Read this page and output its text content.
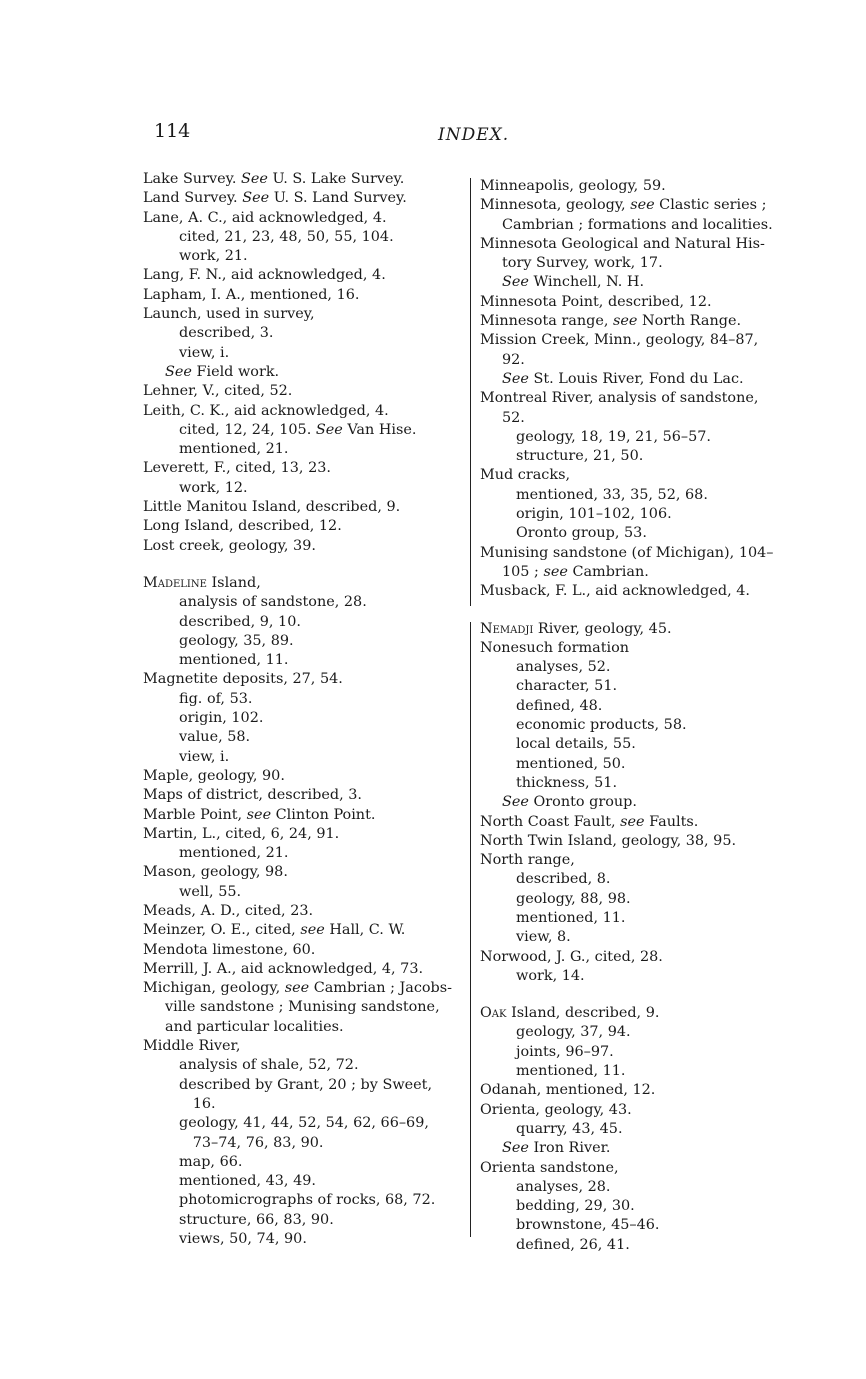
114	INDEX.
Lake Survey. See U. S. Lake Survey.
Land Survey. See U. S. Land Survey.
Lane, A. C., aid acknowledged, 4.
cited, 21, 23, 48, 50, 55, 104.
work, 21.
Lang, F. N., aid acknowledged, 4.
Lapham, I. A., mentioned, 16.
Launch, used in survey,
described, 3.
view, i.
See Field work.
Lehner, V., cited, 52.
Leith, C. K., aid acknowledged, 4.
cited, 12, 24, 105. See Van Hise.
mentioned, 21.
Leverett, F., cited, 13, 23.
work, 12.
Little Manitou Island, described, 9.
Long Island, described, 12.
Lost creek, geology, 39.
Madeline Island,
analysis of sandstone, 28.
described, 9, 10.
geology, 35, 89.
mentioned, 11.
Magnetite deposits, 27, 54.
fig. of, 53.
origin, 102.
value, 58.
view, i.
Maple, geology, 90.
Maps of district, described, 3.
Marble Point, see Clinton Point.
Martin, L., cited, 6, 24, 91.
mentioned, 21.
Mason, geology, 98.
well, 55.
Meads, A. D., cited, 23.
Meinzer, O. E., cited, see Hall, C. W.
Mendota limestone, 60.
Merrill, J. A., aid acknowledged, 4, 73.
Michigan, geology, see Cambrian ; Jacobs-
ville sandstone ; Munising sandstone,
and particular localities.
Middle River,
analysis of shale, 52, 72.
described by Grant, 20 ; by Sweet,
16.
geology, 41, 44, 52, 54, 62, 66–69,
73–74, 76, 83, 90.
map, 66.
mentioned, 43, 49.
photomicrographs of rocks, 68, 72.
structure, 66, 83, 90.
views, 50, 74, 90.
Minneapolis, geology, 59.
Minnesota, geology, see Clastic series ;
Cambrian ; formations and localities.
Minnesota Geological and Natural His-
tory Survey, work, 17.
See Winchell, N. H.
Minnesota Point, described, 12.
Minnesota range, see North Range.
Mission Creek, Minn., geology, 84–87,
92.
See St. Louis River, Fond du Lac.
Montreal River, analysis of sandstone,
52.
geology, 18, 19, 21, 56–57.
structure, 21, 50.
Mud cracks,
mentioned, 33, 35, 52, 68.
origin, 101–102, 106.
Oronto group, 53.
Munising sandstone (of Michigan), 104–
105 ; see Cambrian.
Musback, F. L., aid acknowledged, 4.
Nemadji River, geology, 45.
Nonesuch formation
analyses, 52.
character, 51.
defined, 48.
economic products, 58.
local details, 55.
mentioned, 50.
thickness, 51.
See Oronto group.
North Coast Fault, see Faults.
North Twin Island, geology, 38, 95.
North range,
described, 8.
geology, 88, 98.
mentioned, 11.
view, 8.
Norwood, J. G., cited, 28.
work, 14.
Oak Island, described, 9.
geology, 37, 94.
joints, 96–97.
mentioned, 11.
Odanah, mentioned, 12.
Orienta, geology, 43.
quarry, 43, 45.
See Iron River.
Orienta sandstone,
analyses, 28.
bedding, 29, 30.
brownstone, 45–46.
defined, 26, 41.
